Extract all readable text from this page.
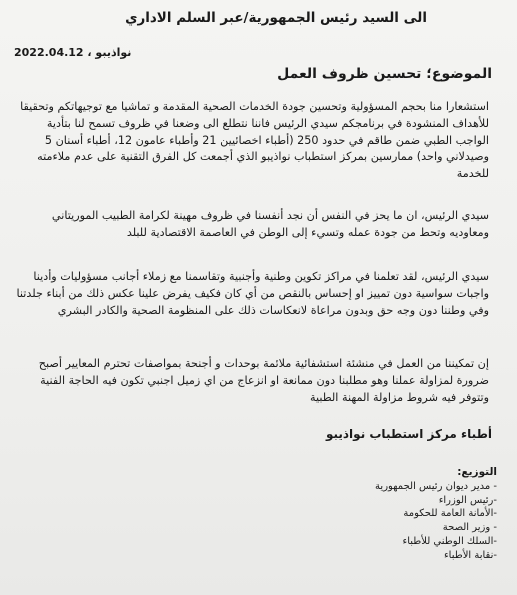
الى السيد رئيس الجمهورية/عبر السلم الاداري
نواذيبو ، 2022.04.12
الموضوع؛ تحسين ظروف العمل
استشعارا منا بحجم المسؤولية وتحسين جودة الخدمات الصحية المقدمة و تماشيا مع توجيهاتكم وتحقيقا للأهداف المنشودة في برنامجكم سيدي الرئيس فاننا نتطلع الى وضعنا في ظروف تسمح لنا بتأدية الواجب الطبي ضمن طاقم في حدود 250 (أطباء اخصائيين 21 وأطباء عامون 12، أطباء أسنان 5 وصيدلاني واحد) ممارسين بمركز استطباب نواذيبو الذي أجمعت كل الفرق التقنية على عدم ملاءمته للخدمة
سيدي الرئيس، ان ما يحز في النفس أن نجد أنفسنا في ظروف مهينة لكرامة الطبيب الموريتاني ومعاوديه وتحط من جودة عمله وتسيء إلى الوطن في العاصمة الاقتصادية للبلد
سيدي الرئيس، لقد تعلمنا في مراكز تكوين وطنية وأجنبية وتقاسمنا مع زملاء أجانب مسؤوليات وأدينا واجبات سواسية دون تمييز او إحساس بالنقص من أي كان فكيف يفرض علينا عكس ذلك من أبناء جلدتنا وفي وطننا دون وجه حق وبدون مراعاة لانعكاسات ذلك على المنظومة الصحية والكادر البشري
إن تمكيننا من العمل في منشئة استشفائية ملائمة بوحدات و أجنحة بمواصفات تحترم المعايير أصبح ضرورة لمزاولة عملنا وهو مطلبنا دون ممانعة او انزعاج من اي زميل اجنبي تكون فيه الحاجة الفنية وتتوفر فيه شروط مزاولة المهنة الطبية
أطباء مركز استطباب نواذيبو
التوزيع:
- مدير ديوان رئيس الجمهورية
-رئيس الوزراء
-الأمانة العامة للحكومة
- وزير الصحة
-السلك الوطني للأطباء
-نقابة الأطباء
